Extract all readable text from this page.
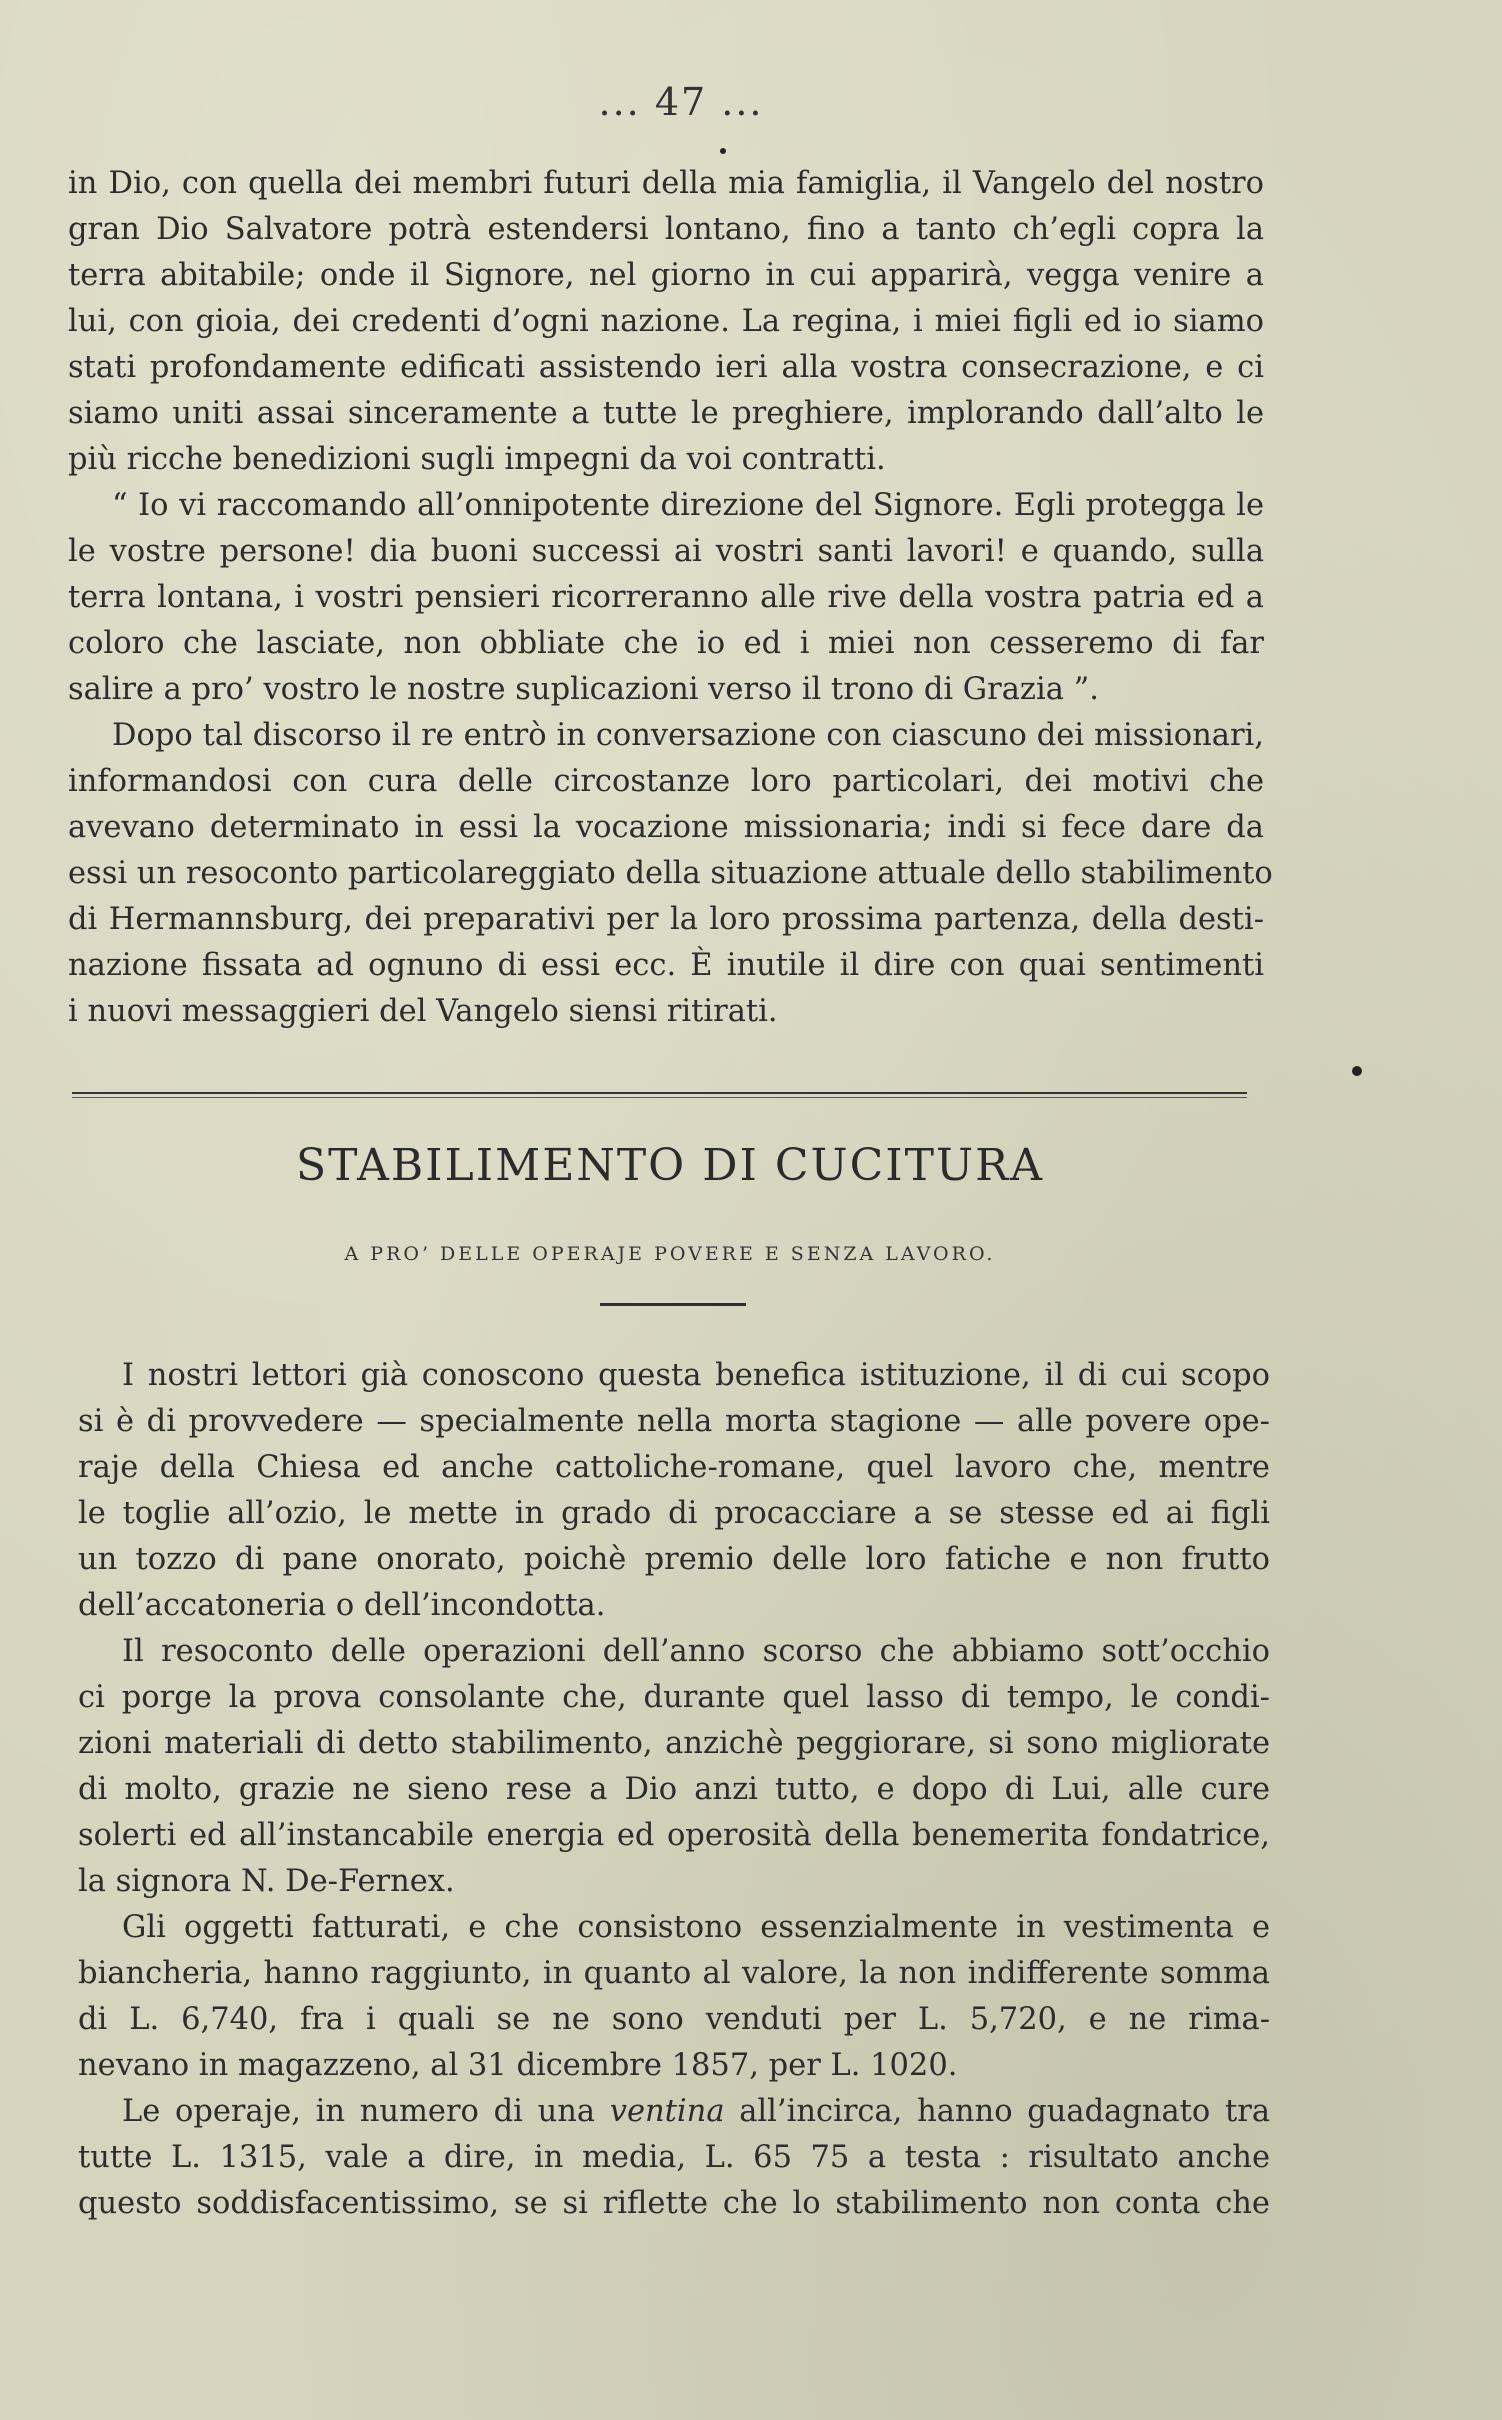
... 47 ...
in Dio, con quella dei membri futuri della mia famiglia, il Vangelo del nostro
gran Dio Salvatore potrà estendersi lontano, fino a tanto ch’egli copra la
terra abitabile; onde il Signore, nel giorno in cui apparirà, vegga venire a
lui, con gioia, dei credenti d’ogni nazione. La regina, i miei figli ed io siamo
stati profondamente edificati assistendo ieri alla vostra consecrazione, e ci
siamo uniti assai sinceramente a tutte le preghiere, implorando dall’alto le
più ricche benedizioni sugli impegni da voi contratti.
“ Io vi raccomando all’onnipotente direzione del Signore. Egli protegga le
le vostre persone! dia buoni successi ai vostri santi lavori! e quando, sulla
terra lontana, i vostri pensieri ricorreranno alle rive della vostra patria ed a
coloro che lasciate, non obbliate che io ed i miei non cesseremo di far
salire a pro’ vostro le nostre suplicazioni verso il trono di Grazia ”.
Dopo tal discorso il re entrò in conversazione con ciascuno dei missionari,
informandosi con cura delle circostanze loro particolari, dei motivi che
avevano determinato in essi la vocazione missionaria; indi si fece dare da
essi un resoconto particolareggiato della situazione attuale dello stabilimento
di Hermannsburg, dei preparativi per la loro prossima partenza, della desti-
nazione fissata ad ognuno di essi ecc. È inutile il dire con quai sentimenti
i nuovi messaggieri del Vangelo siensi ritirati.
STABILIMENTO DI CUCITURA
A PRO’ DELLE OPERAJE POVERE E SENZA LAVORO.
I nostri lettori già conoscono questa benefica istituzione, il di cui scopo
si è di provvedere — specialmente nella morta stagione — alle povere ope-
raje della Chiesa ed anche cattoliche-romane, quel lavoro che, mentre
le toglie all’ozio, le mette in grado di procacciare a se stesse ed ai figli
un tozzo di pane onorato, poichè premio delle loro fatiche e non frutto
dell’accatoneria o dell’incondotta.
Il resoconto delle operazioni dell’anno scorso che abbiamo sott’occhio
ci porge la prova consolante che, durante quel lasso di tempo, le condi-
zioni materiali di detto stabilimento, anzichè peggiorare, si sono migliorate
di molto, grazie ne sieno rese a Dio anzi tutto, e dopo di Lui, alle cure
solerti ed all’instancabile energia ed operosità della benemerita fondatrice,
la signora N. De-Fernex.
Gli oggetti fatturati, e che consistono essenzialmente in vestimenta e
biancheria, hanno raggiunto, in quanto al valore, la non indifferente somma
di L. 6,740, fra i quali se ne sono venduti per L. 5,720, e ne rima-
nevano in magazzeno, al 31 dicembre 1857, per L. 1020.
Le operaje, in numero di una ventina all’incirca, hanno guadagnato tra
tutte L. 1315, vale a dire, in media, L. 65 75 a testa : risultato anche
questo soddisfacentissimo, se si riflette che lo stabilimento non conta che
